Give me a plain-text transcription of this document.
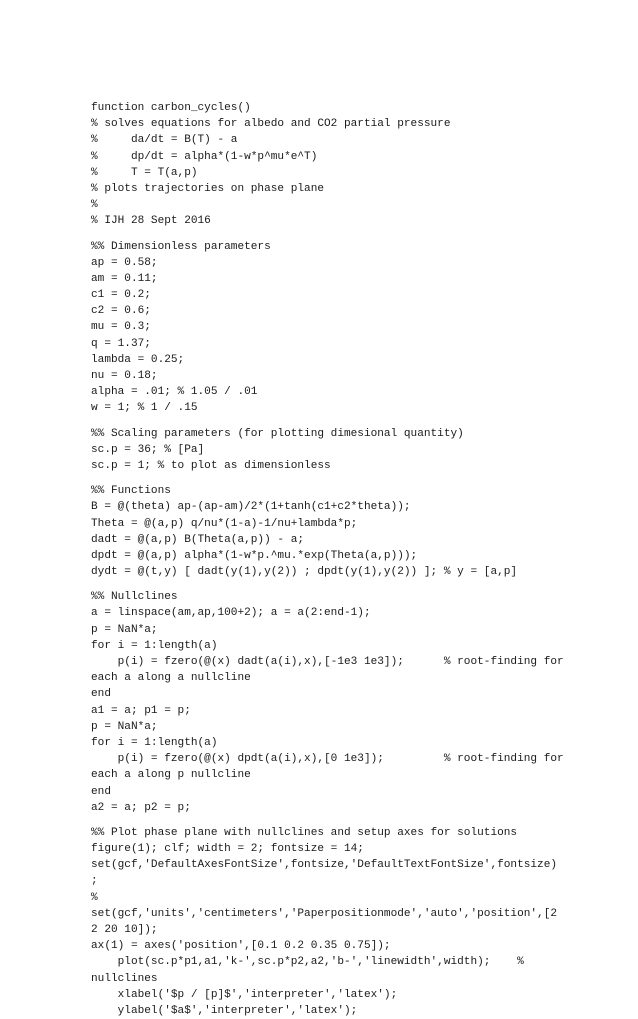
function carbon_cycles()
% solves equations for albedo and CO2 partial pressure
%     da/dt = B(T) - a
%     dp/dt = alpha*(1-w*p^mu*e^T)
%     T = T(a,p)
% plots trajectories on phase plane
%
% IJH 28 Sept 2016
%% Dimensionless parameters
ap = 0.58;
am = 0.11;
c1 = 0.2;
c2 = 0.6;
mu = 0.3;
q = 1.37;
lambda = 0.25;
nu = 0.18;
alpha = .01; % 1.05 / .01
w = 1; % 1 / .15
%% Scaling parameters (for plotting dimesional quantity)
sc.p = 36; % [Pa]
sc.p = 1; % to plot as dimensionless
%% Functions
B = @(theta) ap-(ap-am)/2*(1+tanh(c1+c2*theta));
Theta = @(a,p) q/nu*(1-a)-1/nu+lambda*p;
dadt = @(a,p) B(Theta(a,p)) - a;
dpdt = @(a,p) alpha*(1-w*p.^mu.*exp(Theta(a,p)));
dydt = @(t,y) [ dadt(y(1),y(2)) ; dpdt(y(1),y(2)) ]; % y = [a,p]
%% Nullclines
a = linspace(am,ap,100+2); a = a(2:end-1);
p = NaN*a;
for i = 1:length(a)
p(i) = fzero(@(x) dadt(a(i),x),[-1e3 1e3]);      % root-finding for
each a along a nullcline
end
a1 = a; p1 = p;
p = NaN*a;
for i = 1:length(a)
p(i) = fzero(@(x) dpdt(a(i),x),[0 1e3]);         % root-finding for
each a along p nullcline
end
a2 = a; p2 = p;
%% Plot phase plane with nullclines and setup axes for solutions
figure(1); clf; width = 2; fontsize = 14;
set(gcf,'DefaultAxesFontSize',fontsize,'DefaultTextFontSize',fontsize)
;
%
set(gcf,'units','centimeters','Paperpositionmode','auto','position',[2
2 20 10]);
ax(1) = axes('position',[0.1 0.2 0.35 0.75]);
plot(sc.p*p1,a1,'k-',sc.p*p2,a2,'b-','linewidth',width);    %
nullclines
xlabel('$p / [p]$','interpreter','latex');
ylabel('$a$','interpreter','latex');
